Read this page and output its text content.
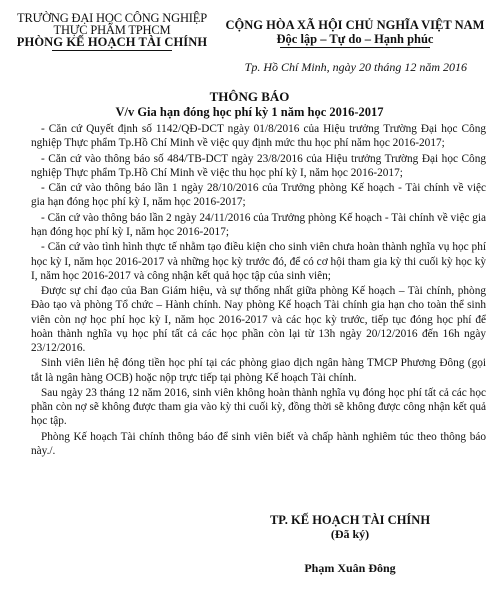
TRƯỜNG ĐẠI HỌC CÔNG NGHIỆP
THỰC PHẨM TPHCM
PHÒNG KẾ HOẠCH TÀI CHÍNH
CỘNG HÒA XÃ HỘI CHỦ NGHĨA VIỆT NAM
Độc lập – Tự do – Hạnh phúc
Tp. Hồ Chí Minh, ngày 20 tháng 12 năm 2016
THÔNG BÁO
V/v Gia hạn đóng học phí kỳ 1 năm học 2016-2017

- Căn cứ Quyết định số 1142/QĐ-DCT ngày 01/8/2016 của Hiệu trưởng Trường Đại học Công nghiệp Thực phẩm Tp.Hồ Chí Minh về việc quy định mức thu học phí năm học 2016-2017;

- Căn cứ vào thông báo số 484/TB-DCT ngày 23/8/2016 của Hiệu trưởng Trường Đại học Công nghiệp Thực phẩm Tp.Hồ Chí Minh về việc thu học phí kỳ I, năm học 2016-2017;

- Căn cứ vào thông báo lần 1 ngày 28/10/2016 của Trưởng phòng Kế hoạch - Tài chính về việc gia hạn đóng học phí kỳ I, năm học 2016-2017;

- Căn cứ vào thông báo lần 2 ngày 24/11/2016 của Trưởng phòng Kế hoạch - Tài chính về việc gia hạn đóng học phí kỳ I, năm học 2016-2017;

- Căn cứ vào tình hình thực tế nhằm tạo điều kiện cho sinh viên chưa hoàn thành nghĩa vụ học phí học kỳ I, năm học 2016-2017 và những học kỳ trước đó, để có cơ hội tham gia kỳ thi cuối kỳ học kỳ I, năm học 2016-2017 và công nhận kết quả học tập của sinh viên;

Được sự chỉ đạo của Ban Giám hiệu, và sự thống nhất giữa phòng Kế hoạch – Tài chính, phòng Đào tạo và phòng Tổ chức – Hành chính. Nay phòng Kế hoạch Tài chính gia hạn cho toàn thể sinh viên còn nợ học phí học kỳ I, năm học 2016-2017 và các học kỳ trước, tiếp tục đóng học phí để hoàn thành nghĩa vụ học phí tất cả các học phần còn lại từ 13h ngày 20/12/2016 đến 16h ngày 23/12/2016.

Sinh viên liên hệ đóng tiền học phí tại các phòng giao dịch ngân hàng TMCP Phương Đông (gọi tắt là ngân hàng OCB) hoặc nộp trực tiếp tại phòng Kế hoạch Tài chính.

Sau ngày 23 tháng 12 năm 2016, sinh viên không hoàn thành nghĩa vụ đóng học phí tất cả các học phần còn nợ sẽ không được tham gia vào kỳ thi cuối kỳ, đồng thời sẽ không được công nhận kết quả học tập.

Phòng Kế hoạch Tài chính thông báo để sinh viên biết và chấp hành nghiêm túc theo thông báo này./.

TP. KẾ HOẠCH TÀI CHÍNH
(Đã ký)
Phạm Xuân Đông
